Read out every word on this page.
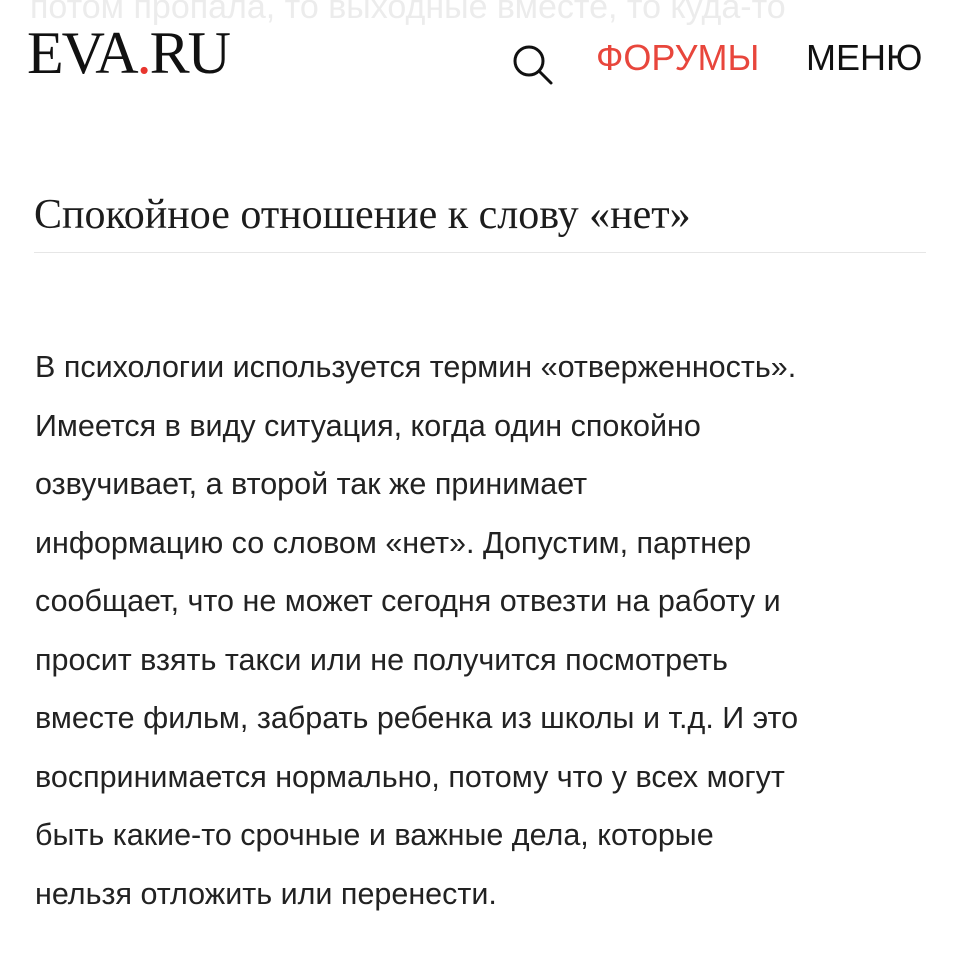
потом пропала, то выходные вместе, то куда-то
EVA.RU	ФОРУМЫ МЕНЮ
Спокойное отношение к слову «нет»

В психологии используется термин «отверженность».
Имеется в виду ситуация, когда один спокойно
озвучивает, а второй так же принимает
информацию со словом «нет». Допустим, партнер
сообщает, что не может сегодня отвезти на работу и
просит взять такси или не получится посмотреть
вместе фильм, забрать ребенка из школы и т.д. И это
воспринимается нормально, потому что у всех могут
быть какие-то срочные и важные дела, которые
нельзя отложить или перенести.
